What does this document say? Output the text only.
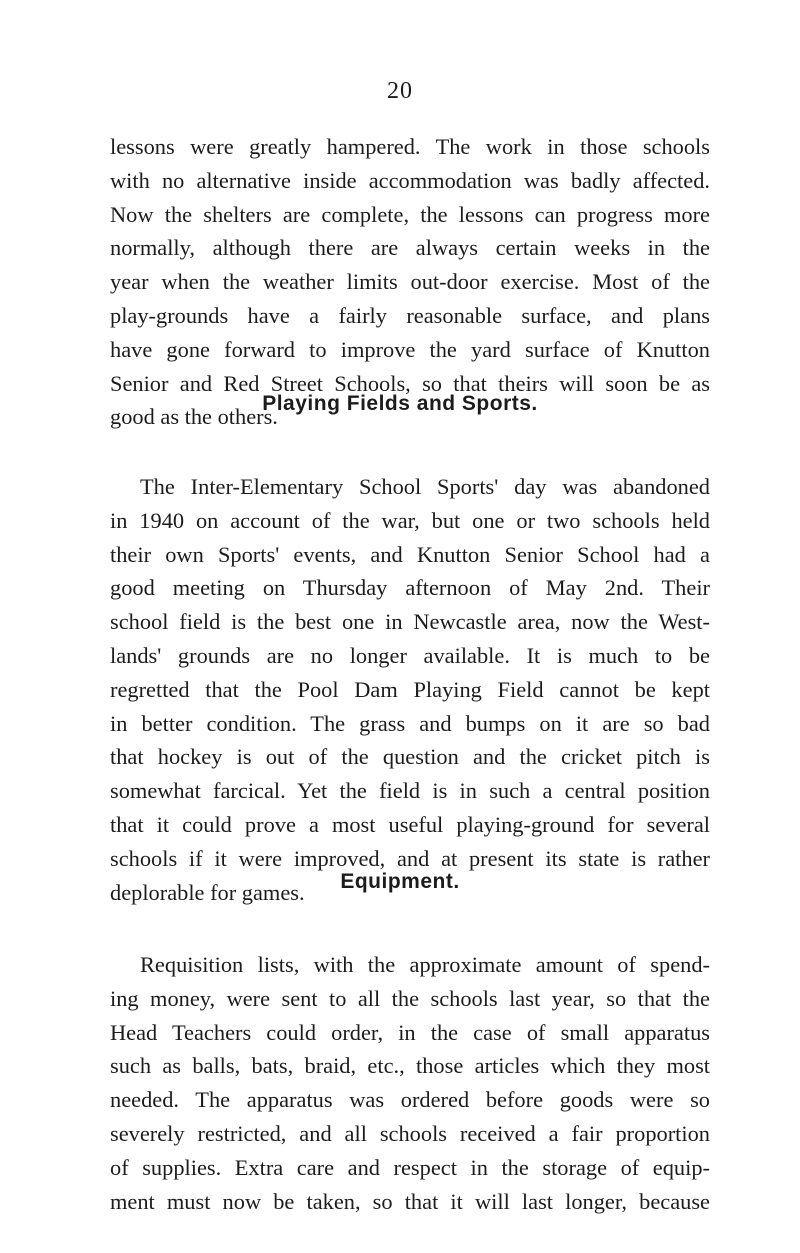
20
lessons were greatly hampered. The work in those schools
with no alternative inside accommodation was badly affected.
Now the shelters are complete, the lessons can progress more
normally, although there are always certain weeks in the
year when the weather limits out-door exercise. Most of the
play-grounds have a fairly reasonable surface, and plans
have gone forward to improve the yard surface of Knutton
Senior and Red Street Schools, so that theirs will soon be as
good as the others.
Playing Fields and Sports.
The Inter-Elementary School Sports' day was abandoned
in 1940 on account of the war, but one or two schools held
their own Sports' events, and Knutton Senior School had a
good meeting on Thursday afternoon of May 2nd. Their
school field is the best one in Newcastle area, now the West-
lands' grounds are no longer available. It is much to be
regretted that the Pool Dam Playing Field cannot be kept
in better condition. The grass and bumps on it are so bad
that hockey is out of the question and the cricket pitch is
somewhat farcical. Yet the field is in such a central position
that it could prove a most useful playing-ground for several
schools if it were improved, and at present its state is rather
deplorable for games.	Equipment.
Requisition lists, with the approximate amount of spend-
ing money, were sent to all the schools last year, so that the
Head Teachers could order, in the case of small apparatus
such as balls, bats, braid, etc., those articles which they most
needed. The apparatus was ordered before goods were so
severely restricted, and all schools received a fair proportion
of supplies. Extra care and respect in the storage of equip-
ment must now be taken, so that it will last longer, because
